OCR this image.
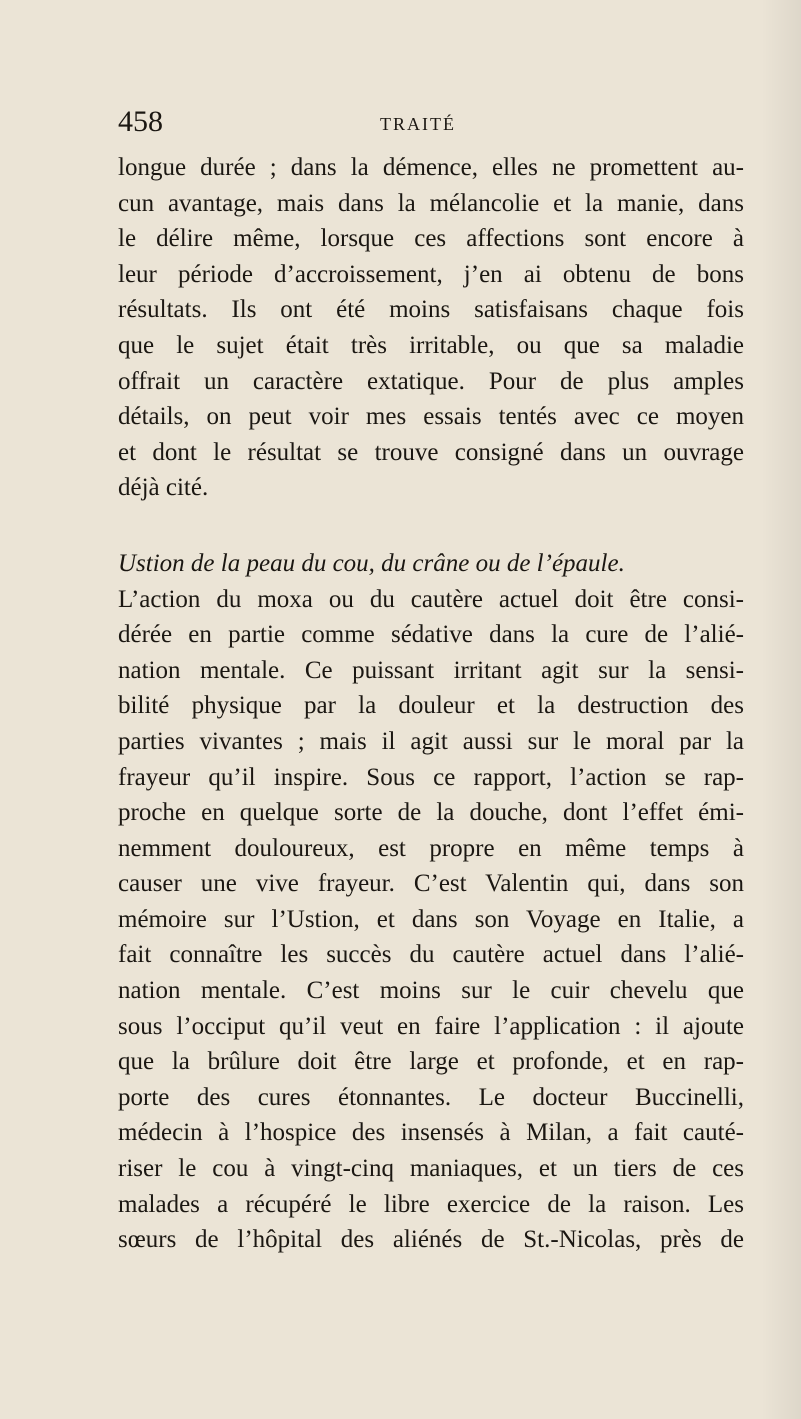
458	TRAITÉ
longue durée ; dans la démence, elles ne promettent au-
cun avantage, mais dans la mélancolie et la manie, dans
le délire même, lorsque ces affections sont encore à
leur période d’accroissement, j’en ai obtenu de bons
résultats. Ils ont été moins satisfaisans chaque fois
que le sujet était très irritable, ou que sa maladie
offrait un caractère extatique. Pour de plus amples
détails, on peut voir mes essais tentés avec ce moyen
et dont le résultat se trouve consigné dans un ouvrage
déjà cité.
Ustion de la peau du cou, du crâne ou de l’épaule.
L’action du moxa ou du cautère actuel doit être consi-
dérée en partie comme sédative dans la cure de l’alié-
nation mentale. Ce puissant irritant agit sur la sensi-
bilité physique par la douleur et la destruction des
parties vivantes ; mais il agit aussi sur le moral par la
frayeur qu’il inspire. Sous ce rapport, l’action se rap-
proche en quelque sorte de la douche, dont l’effet émi-
nemment douloureux, est propre en même temps à
causer une vive frayeur. C’est Valentin qui, dans son
mémoire sur l’Ustion, et dans son Voyage en Italie, a
fait connaître les succès du cautère actuel dans l’alié-
nation mentale. C’est moins sur le cuir chevelu que
sous l’occiput qu’il veut en faire l’application : il ajoute
que la brûlure doit être large et profonde, et en rap-
porte des cures étonnantes. Le docteur Buccinelli,
médecin à l’hospice des insensés à Milan, a fait cauté-
riser le cou à vingt-cinq maniaques, et un tiers de ces
malades a récupéré le libre exercice de la raison. Les
sœurs de l’hôpital des aliénés de St.-Nicolas, près de
